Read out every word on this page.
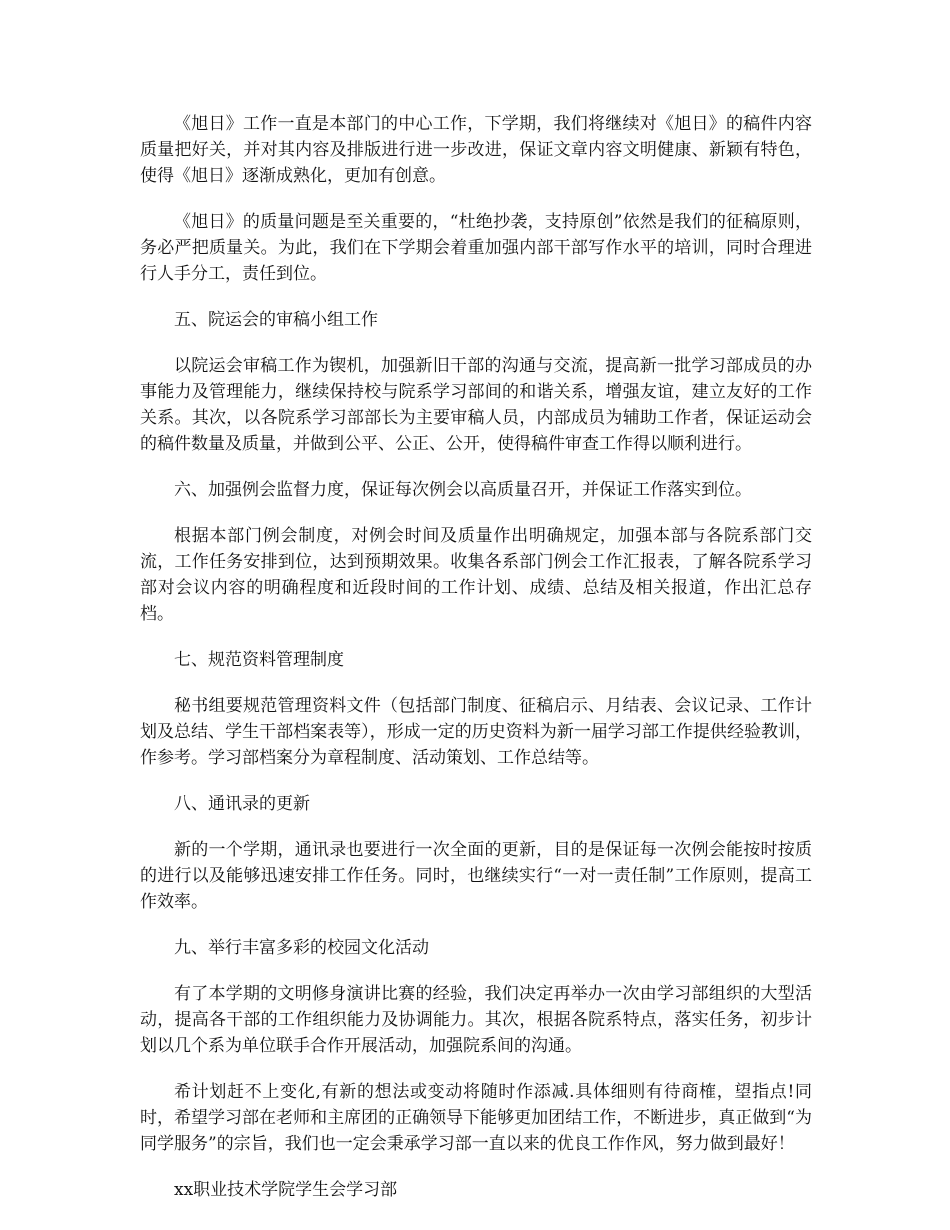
《旭日》工作一直是本部门的中心工作，下学期，我们将继续对《旭日》的稿件内容质量把好关，并对其内容及排版进行进一步改进，保证文章内容文明健康、新颖有特色，使得《旭日》逐渐成熟化，更加有创意。

《旭日》的质量问题是至关重要的，“杜绝抄袭，支持原创”依然是我们的征稿原则，务必严把质量关。为此，我们在下学期会着重加强内部干部写作水平的培训，同时合理进行人手分工，责任到位。

五、院运会的审稿小组工作

以院运会审稿工作为锲机，加强新旧干部的沟通与交流，提高新一批学习部成员的办事能力及管理能力，继续保持校与院系学习部间的和谐关系，增强友谊，建立友好的工作关系。其次，以各院系学习部部长为主要审稿人员，内部成员为辅助工作者，保证运动会的稿件数量及质量，并做到公平、公正、公开，使得稿件审查工作得以顺利进行。

六、加强例会监督力度，保证每次例会以高质量召开，并保证工作落实到位。

根据本部门例会制度，对例会时间及质量作出明确规定，加强本部与各院系部门交流，工作任务安排到位，达到预期效果。收集各系部门例会工作汇报表，了解各院系学习部对会议内容的明确程度和近段时间的工作计划、成绩、总结及相关报道，作出汇总存档。

七、规范资料管理制度

秘书组要规范管理资料文件（包括部门制度、征稿启示、月结表、会议记录、工作计划及总结、学生干部档案表等），形成一定的历史资料为新一届学习部工作提供经验教训，作参考。学习部档案分为章程制度、活动策划、工作总结等。

八、通讯录的更新

新的一个学期，通讯录也要进行一次全面的更新，目的是保证每一次例会能按时按质的进行以及能够迅速安排工作任务。同时，也继续实行“一对一责任制”工作原则，提高工作效率。

九、举行丰富多彩的校园文化活动

有了本学期的文明修身演讲比赛的经验，我们决定再举办一次由学习部组织的大型活动，提高各干部的工作组织能力及协调能力。其次，根据各院系特点，落实任务，初步计划以几个系为单位联手合作开展活动，加强院系间的沟通。

希计划赶不上变化,有新的想法或变动将随时作添减.具体细则有待商榷，望指点!同时，希望学习部在老师和主席团的正确领导下能够更加团结工作，不断进步，真正做到“为同学服务”的宗旨，我们也一定会秉承学习部一直以来的优良工作作风，努力做到最好！

xx职业技术学院学生会学习部
